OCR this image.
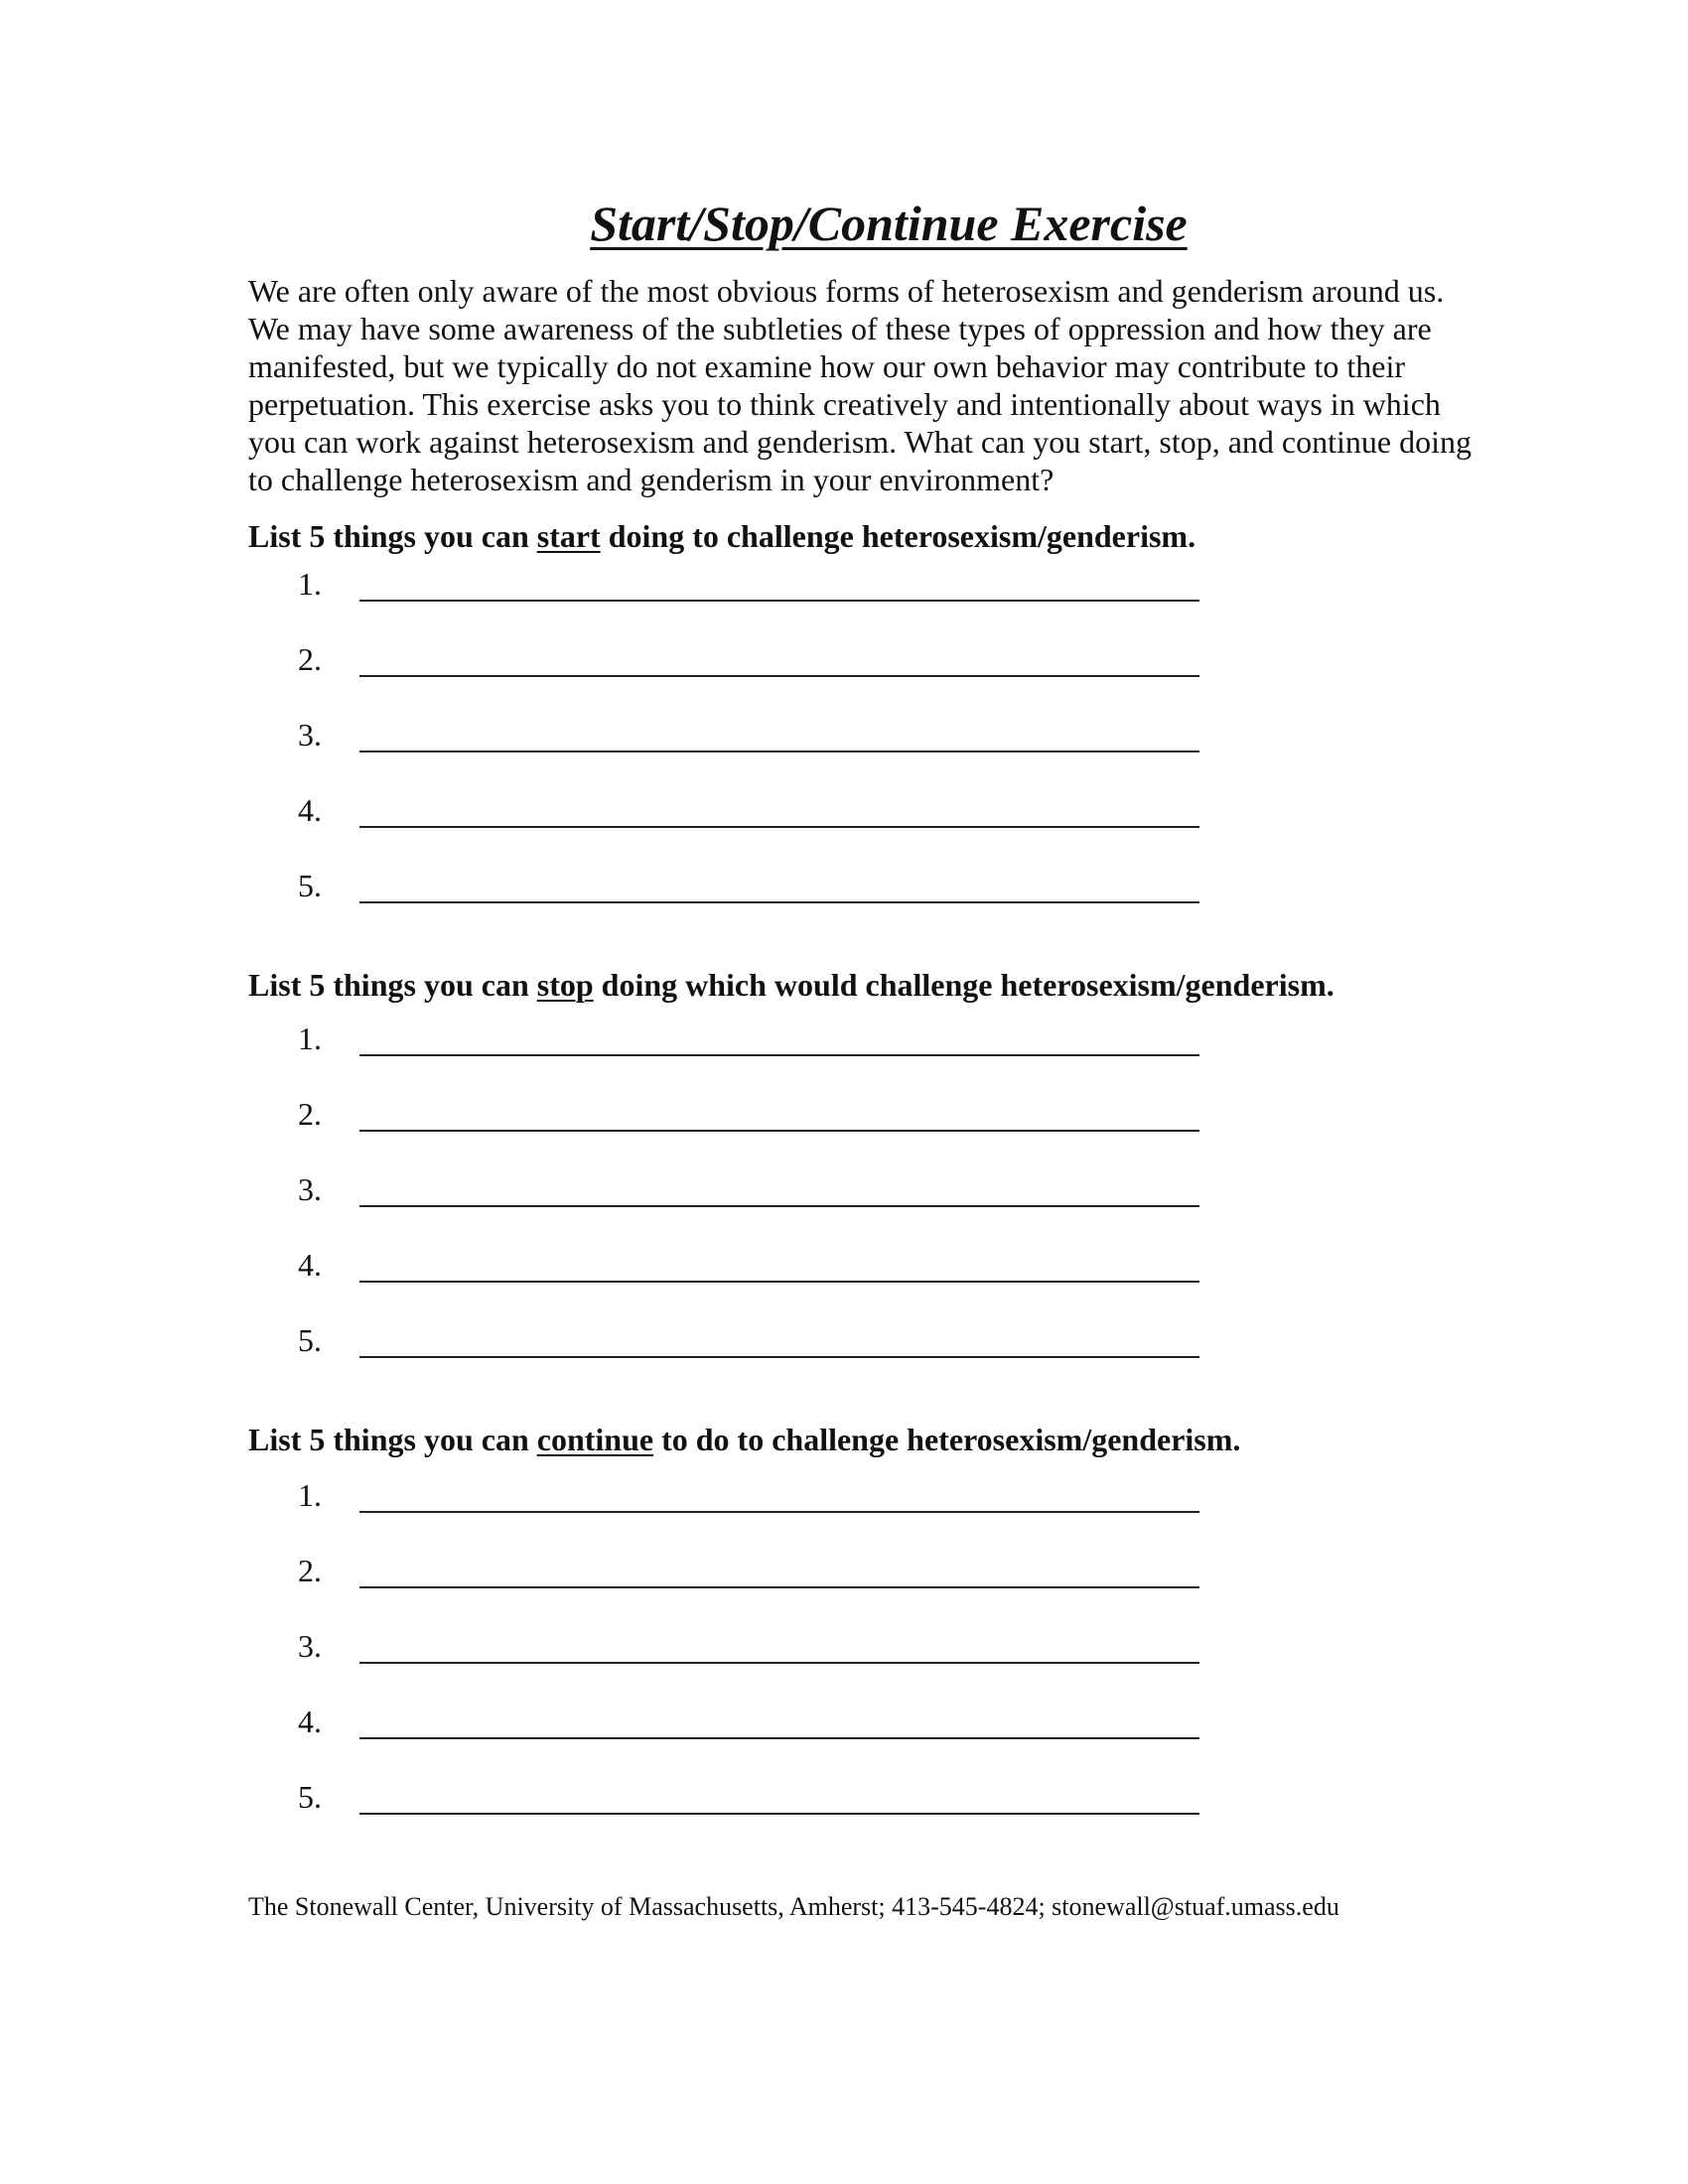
Start/Stop/Continue Exercise

We are often only aware of the most obvious forms of heterosexism and genderism around us.
We may have some awareness of the subtleties of these types of oppression and how they are
manifested, but we typically do not examine how our own behavior may contribute to their
perpetuation. This exercise asks you to think creatively and intentionally about ways in which
you can work against heterosexism and genderism. What can you start, stop, and continue doing
to challenge heterosexism and genderism in your environment?

List 5 things you can start doing to challenge heterosexism/genderism.

1.
2.
3.
4.
5.

List 5 things you can stop doing which would challenge heterosexism/genderism.

1.
2.
3.
4.
5.

List 5 things you can continue to do to challenge heterosexism/genderism.

1.
2.
3.
4.
5.

The Stonewall Center, University of Massachusetts, Amherst; 413-545-4824; stonewall@stuaf.umass.edu
